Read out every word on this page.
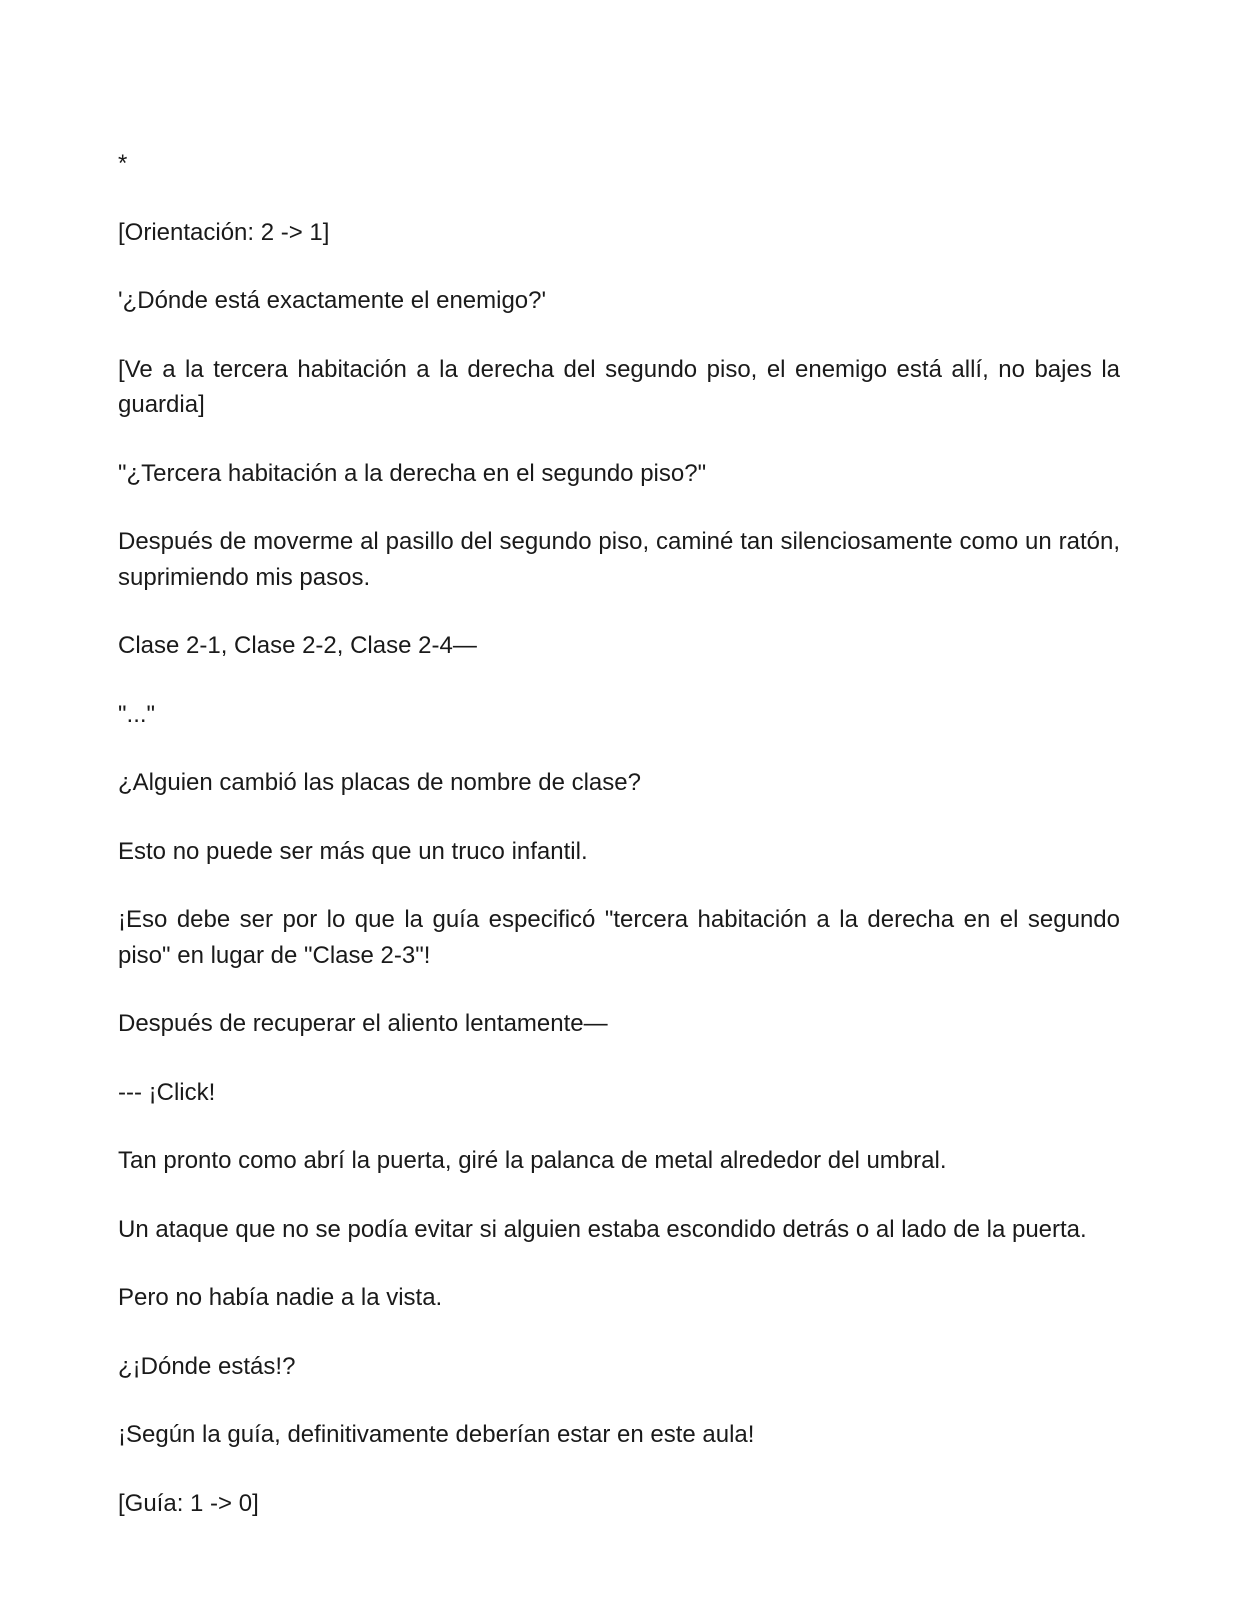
*

[Orientación: 2 -> 1]

'¿Dónde está exactamente el enemigo?'

[Ve a la tercera habitación a la derecha del segundo piso, el enemigo está allí, no bajes la guardia]

"¿Tercera habitación a la derecha en el segundo piso?"

Después de moverme al pasillo del segundo piso, caminé tan silenciosamente como un ratón, suprimiendo mis pasos.

Clase 2-1, Clase 2-2, Clase 2-4—

"..."

¿Alguien cambió las placas de nombre de clase?

Esto no puede ser más que un truco infantil.

¡Eso debe ser por lo que la guía especificó "tercera habitación a la derecha en el segundo piso" en lugar de "Clase 2-3"!

Después de recuperar el aliento lentamente—

--- ¡Click!

Tan pronto como abrí la puerta, giré la palanca de metal alrededor del umbral.

Un ataque que no se podía evitar si alguien estaba escondido detrás o al lado de la puerta.

Pero no había nadie a la vista.

¿¡Dónde estás!?

¡Según la guía, definitivamente deberían estar en este aula!

[Guía: 1 -> 0]
